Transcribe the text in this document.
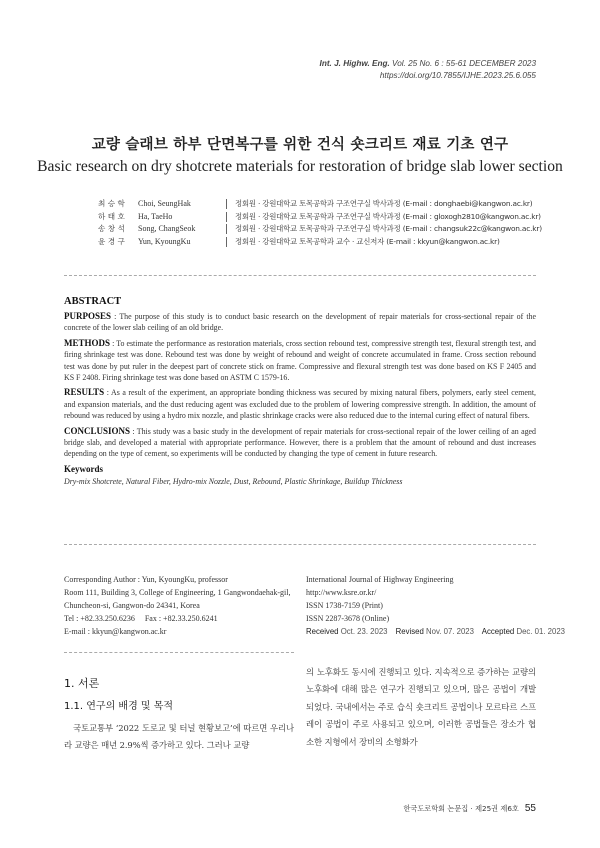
Int. J. Highw. Eng. Vol. 25 No. 6 : 55-61 DECEMBER 2023
https://doi.org/10.7855/IJHE.2023.25.6.055
교량 슬래브 하부 단면복구를 위한 건식 숏크리트 재료 기초 연구
Basic research on dry shotcrete materials for restoration of bridge slab lower section
최 승 학	Choi, SeungHak	정회원 · 강원대학교 토목공학과 구조연구실 박사과정 (E-mail : donghaebi@kangwon.ac.kr)
하 태 호	Ha, TaeHo	정회원 · 강원대학교 토목공학과 구조연구실 박사과정 (E-mail : gloxogh2810@kangwon.ac.kr)
송 창 석	Song, ChangSeok	정회원 · 강원대학교 토목공학과 구조연구실 박사과정 (E-mail : changsuk22c@kangwon.ac.kr)
윤 경 구	Yun, KyoungKu	정회원 · 강원대학교 토목공학과 교수 · 교신저자 (E-mail : kkyun@kangwon.ac.kr)
ABSTRACT

PURPOSES : The purpose of this study is to conduct basic research on the development of repair materials for cross-sectional repair of the concrete of the lower slab ceiling of an old bridge.

METHODS : To estimate the performance as restoration materials, cross section rebound test, compressive strength test, flexural strength test, and firing shrinkage test was done. Rebound test was done by weight of rebound and weight of concrete accumulated in frame. Cross section rebound test was done by put ruler in the deepest part of concrete stick on frame. Compressive and flexural strength test was done based on KS F 2405 and KS F 2408. Firing shrinkage test was done based on ASTM C 1579-16.

RESULTS : As a result of the experiment, an appropriate bonding thickness was secured by mixing natural fibers, polymers, early steel cement, and expansion materials, and the dust reducing agent was excluded due to the problem of lowering compressive strength. In addition, the amount of rebound was reduced by using a hydro mix nozzle, and plastic shrinkage cracks were also reduced due to the internal curing effect of natural fibers.

CONCLUSIONS : This study was a basic study in the development of repair materials for cross-sectional repair of the lower ceiling of an aged bridge slab, and developed a material with appropriate performance. However, there is a problem that the amount of rebound and dust increases depending on the type of cement, so experiments will be conducted by changing the type of cement in future research.

Keywords

Dry-mix Shotcrete, Natural Fiber, Hydro-mix Nozzle, Dust, Rebound, Plastic Shrinkage, Buildup Thickness

Corresponding Author : Yun, KyoungKu, professor
Room 111, Building 3, College of Engineering, 1 Gangwondaehak-gil,
Chuncheon-si, Gangwon-do 24341, Korea
Tel : +82.33.250.6236     Fax : +82.33.250.6241
E-mail : kkyun@kangwon.ac.kr
International Journal of Highway Engineering
http://www.ksre.or.kr/
ISSN 1738-7159 (Print)
ISSN 2287-3678 (Online)
Received Oct. 23. 2023 Revised Nov. 07. 2023 Accepted Dec. 01. 2023
1. 서론
1.1. 연구의 배경 및 목적

국토교통부 ‘2022 도로교 및 터널 현황보고’에 따르면 우리나라 교량은 매년 2.9%씩 증가하고 있다. 그러나 교량

의 노후화도 동시에 진행되고 있다. 지속적으로 증가하는 교량의 노후화에 대해 많은 연구가 진행되고 있으며, 많은 공법이 개발되었다. 국내에서는 주로 습식 숏크리트 공법이나 모르타르 스프레이 공법이 주로 사용되고 있으며, 이러한 공법들은 장소가 협소한 지형에서 장비의 소형화가

한국도로학회 논문집 · 제25권 제6호 55
